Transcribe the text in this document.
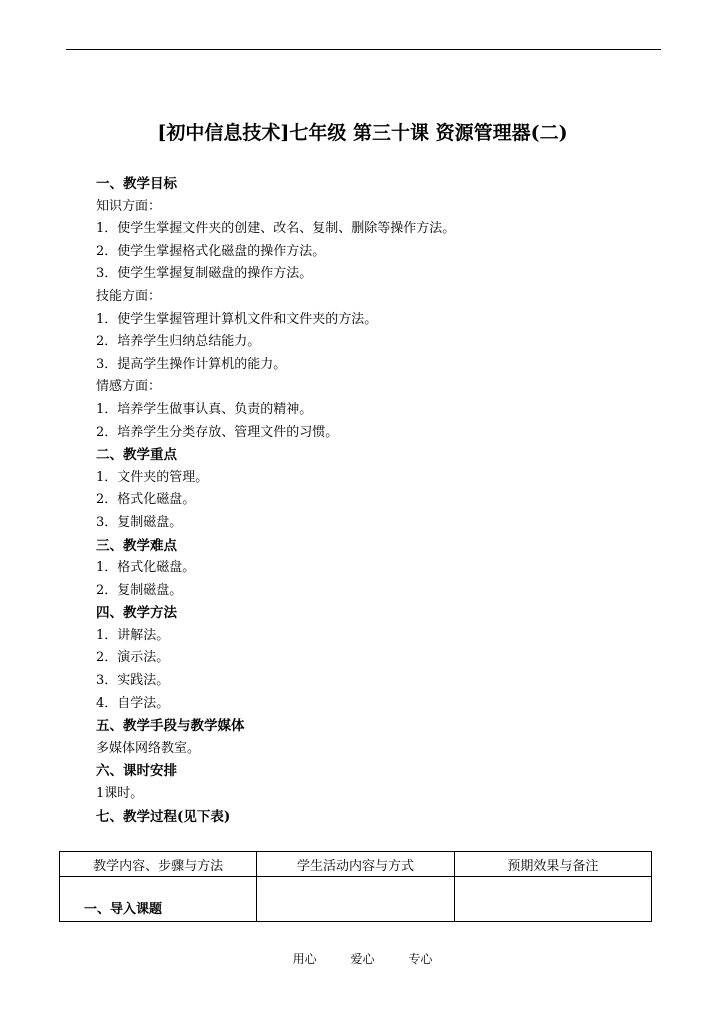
[初中信息技术]七年级 第三十课 资源管理器(二)
一、教学目标
知识方面：
1．使学生掌握文件夹的创建、改名、复制、删除等操作方法。
2．使学生掌握格式化磁盘的操作方法。
3．使学生掌握复制磁盘的操作方法。
技能方面：
1．使学生掌握管理计算机文件和文件夹的方法。
2．培养学生归纳总结能力。
3．提高学生操作计算机的能力。
情感方面：
1．培养学生做事认真、负责的精神。
2．培养学生分类存放、管理文件的习惯。
二、教学重点
1．文件夹的管理。
2．格式化磁盘。
3．复制磁盘。
三、教学难点
1．格式化磁盘。
2．复制磁盘。
四、教学方法
1．讲解法。
2．演示法。
3．实践法。
4．自学法。
五、教学手段与教学媒体
多媒体网络教室。
六、课时安排
1课时。
七、教学过程(见下表)
教学内容、步骤与方法	学生活动内容与方式	预期效果与备注

一、导入课题		

用心	爱心	专心
